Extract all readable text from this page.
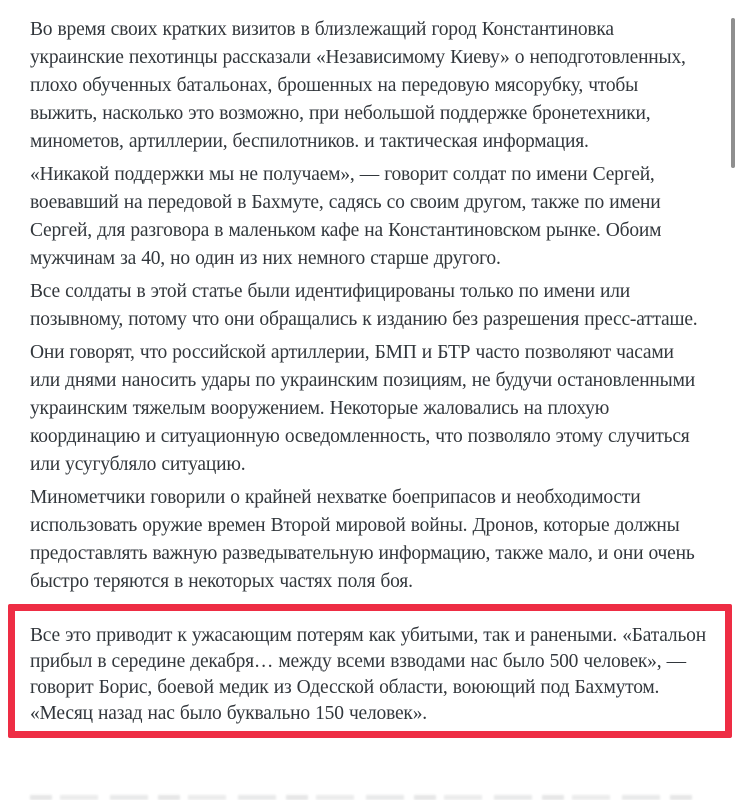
Во время своих кратких визитов в близлежащий город Константиновка украинские пехотинцы рассказали «Независимому Киеву» о неподготовленных, плохо обученных батальонах, брошенных на передовую мясорубку, чтобы выжить, насколько это возможно, при небольшой поддержке бронетехники, минометов, артиллерии, беспилотников. и тактическая информация.

«Никакой поддержки мы не получаем», — говорит солдат по имени Сергей, воевавший на передовой в Бахмуте, садясь со своим другом, также по имени Сергей, для разговора в маленьком кафе на Константиновском рынке. Обоим мужчинам за 40, но один из них немного старше другого.

Все солдаты в этой статье были идентифицированы только по имени или позывному, потому что они обращались к изданию без разрешения пресс-атташе.

Они говорят, что российской артиллерии, БМП и БТР часто позволяют часами или днями наносить удары по украинским позициям, не будучи остановленными украинским тяжелым вооружением. Некоторые жаловались на плохую координацию и ситуационную осведомленность, что позволяло этому случиться или усугубляло ситуацию.

Минометчики говорили о крайней нехватке боеприпасов и необходимости использовать оружие времен Второй мировой войны. Дронов, которые должны предоставлять важную разведывательную информацию, также мало, и они очень быстро теряются в некоторых частях поля боя.

Все это приводит к ужасающим потерям как убитыми, так и ранеными. «Батальон прибыл в середине декабря… между всеми взводами нас было 500 человек», — говорит Борис, боевой медик из Одесской области, воюющий под Бахмутом. «Месяц назад нас было буквально 150 человек».
